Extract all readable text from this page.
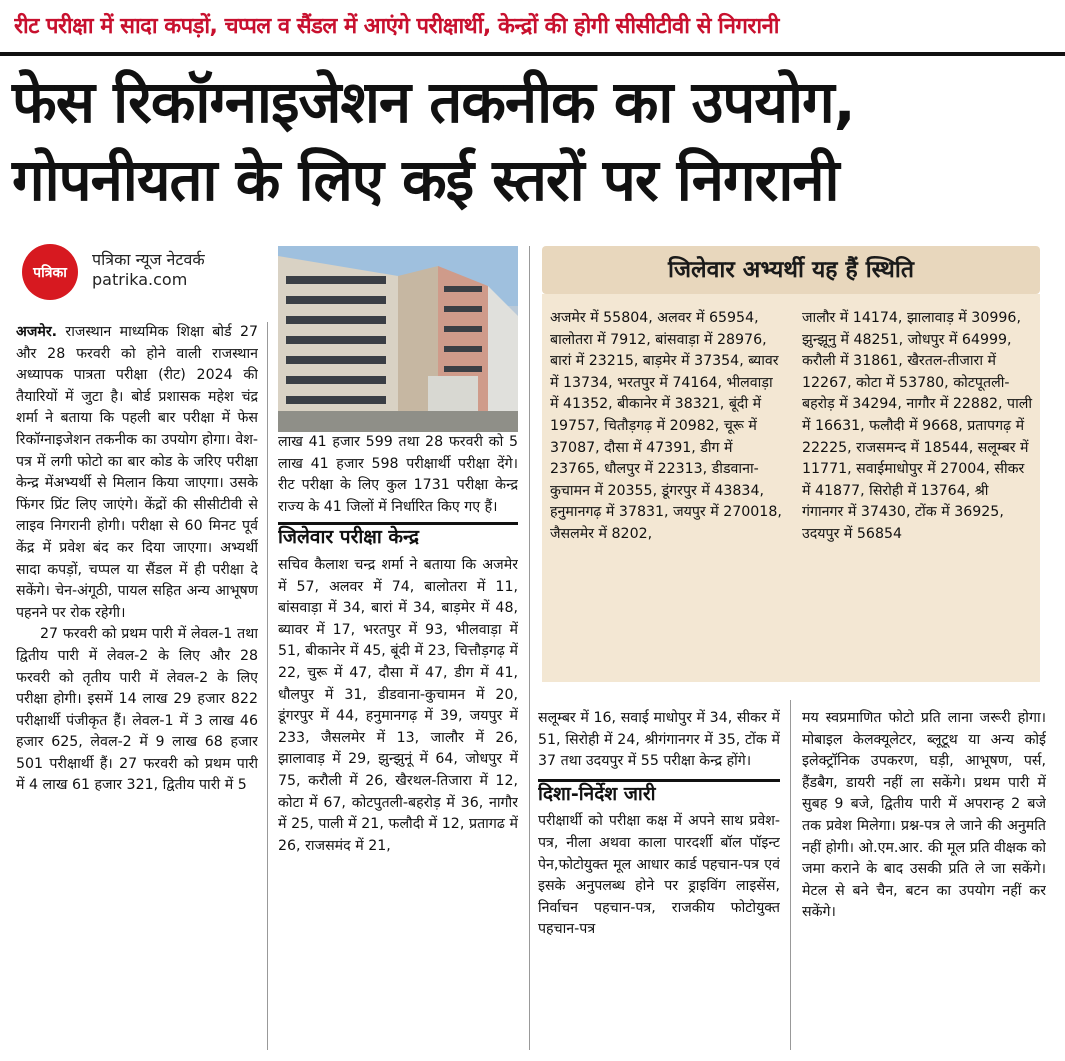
रीट परीक्षा में सादा कपड़ों, चप्पल व सैंडल में आएंगे परीक्षार्थी, केन्द्रों की होगी सीसीटीवी से निगरानी
फेस रिकॉग्नाइजेशन तकनीक का उपयोग,
गोपनीयता के लिए कई स्तरों पर निगरानी
पत्रिका
पत्रिका न्यूज नेटवर्क
patrika.com

अजमेर. राजस्थान माध्यमिक शिक्षा बोर्ड 27 और 28 फरवरी को होने वाली राजस्थान अध्यापक पात्रता परीक्षा (रीट) 2024 की तैयारियों में जुटा है। बोर्ड प्रशासक महेश चंद्र शर्मा ने बताया कि पहली बार परीक्षा में फेस रिकॉग्नाइजेशन तकनीक का उपयोग होगा। वेश-पत्र में लगी फोटो का बार कोड के जरिए परीक्षा केन्द्र मेंअभ्यर्थी से मिलान किया जाएगा। उसके फिंगर प्रिंट लिए जाएंगे। केंद्रों की सीसीटीवी से लाइव निगरानी होगी। परीक्षा से 60 मिनट पूर्व केंद्र में प्रवेश बंद कर दिया जाएगा। अभ्यर्थी सादा कपड़ों, चप्पल या सैंडल में ही परीक्षा दे सकेंगे। चेन-अंगूठी, पायल सहित अन्य आभूषण पहनने पर रोक रहेगी।

27 फरवरी को प्रथम पारी में लेवल-1 तथा द्वितीय पारी में लेवल-2 के लिए और 28 फरवरी को तृतीय पारी में लेवल-2 के लिए परीक्षा होगी। इसमें 14 लाख 29 हजार 822 परीक्षार्थी पंजीकृत हैं। लेवल-1 में 3 लाख 46 हजार 625, लेवल-2 में 9 लाख 68 हजार 501 परीक्षार्थी हैं। 27 फरवरी को प्रथम पारी में 4 लाख 61 हजार 321, द्वितीय पारी में 5

लाख 41 हजार 599 तथा 28 फरवरी को 5 लाख 41 हजार 598 परीक्षार्थी परीक्षा देंगे। रीट परीक्षा के लिए कुल 1731 परीक्षा केन्द्र राज्य के 41 जिलों में निर्धारित किए गए हैं।

जिलेवार परीक्षा केन्द्र

सचिव कैलाश चन्द्र शर्मा ने बताया कि अजमेर में 57, अलवर में 74, बालोतरा में 11, बांसवाड़ा में 34, बारां में 34, बाड़मेर में 48, ब्यावर में 17, भरतपुर में 93, भीलवाड़ा में 51, बीकानेर में 45, बूंदी में 23, चित्तौड़गढ़ में 22, चुरू में 47, दौसा में 47, डीग में 41, धौलपुर में 31, डीडवाना-कुचामन में 20, डूंगरपुर में 44, हनुमानगढ़ में 39, जयपुर में 233, जैसलमेर में 13, जालौर में 26, झालावाड़ में 29, झुन्झुनूं में 64, जोधपुर में 75, करौली में 26, खैरथल-तिजारा में 12, कोटा में 67, कोटपुतली-बहरोड़ में 36, नागौर में 25, पाली में 21, फलौदी में 12, प्रतागढ में 26, राजसमंद में 21,

जिलेवार अभ्यर्थी यह हैं स्थिति
अजमेर में 55804, अलवर में 65954, बालोतरा में 7912, बांसवाड़ा में 28976, बारां में 23215, बाड़मेर में 37354, ब्यावर में 13734, भरतपुर में 74164, भीलवाड़ा में 41352, बीकानेर में 38321, बूंदी में 19757, चितौड़गढ़ में 20982, चूरू में 37087, दौसा में 47391, डीग में 23765, धौलपुर में 22313, डीडवाना-कुचामन में 20355, डूंगरपुर में 43834, हनुमानगढ़ में 37831, जयपुर में 270018, जैसलमेर में 8202,
जालौर में 14174, झालावाड़ में 30996, झुन्झूनु में 48251, जोधपुर में 64999, करौली में 31861, खैरतल-तीजारा में 12267, कोटा में 53780, कोटपूतली-बहरोड़ में 34294, नागौर में 22882, पाली में 16631, फलौदी में 9668, प्रतापगढ़ में 22225, राजसमन्द में 18544, सलूम्बर में 11771, सवाईमाधोपुर में 27004, सीकर में 41877, सिरोही में 13764, श्री गंगानगर में 37430, टोंक में 36925, उदयपुर में 56854

सलूम्बर में 16, सवाई माधोपुर में 34, सीकर में 51, सिरोही में 24, श्रीगंगानगर में 35, टोंक में 37 तथा उदयपुर में 55 परीक्षा केन्द्र होंगे।

दिशा-निर्देश जारी

परीक्षार्थी को परीक्षा कक्ष में अपने साथ प्रवेश-पत्र, नीला अथवा काला पारदर्शी बॉल पॉइन्ट पेन,फोटोयुक्त मूल आधार कार्ड पहचान-पत्र एवं इसके अनुपलब्ध होने पर ड्राइविंग लाइसेंस, निर्वाचन पहचान-पत्र, राजकीय फोटोयुक्त पहचान-पत्र

मय स्वप्रमाणित फोटो प्रति लाना जरूरी होगा। मोबाइल केलक्यूलेटर, ब्लूटूथ या अन्य कोई इलेक्ट्रॉनिक उपकरण, घड़ी, आभूषण, पर्स, हैंडबैग, डायरी नहीं ला सकेंगे। प्रथम पारी में सुबह 9 बजे, द्वितीय पारी में अपरान्ह 2 बजे तक प्रवेश मिलेगा। प्रश्न-पत्र ले जाने की अनुमति नहीं होगी। ओ.एम.आर. की मूल प्रति वीक्षक को जमा कराने के बाद उसकी प्रति ले जा सकेंगे। मेटल से बने चैन, बटन का उपयोग नहीं कर सकेंगे।
